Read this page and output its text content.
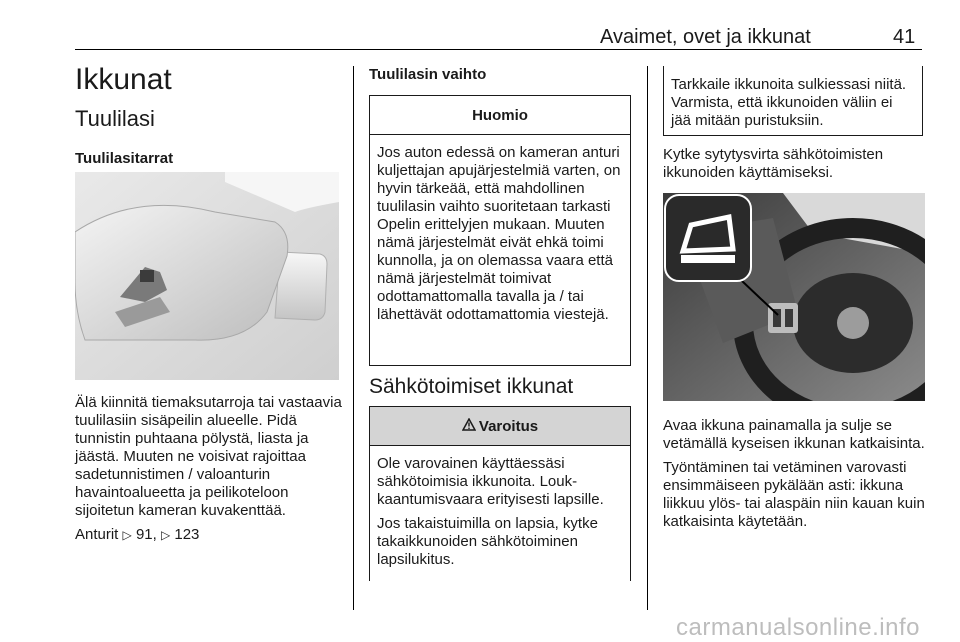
Avaimet, ovet ja ikkunat	41
Ikkunat
Tuulilasi
Tuulilasitarrat

Älä kiinnitä tiemaksutarroja tai vastaavia tuulilasiin sisäpeilin alueelle. Pidä tunnistin puhtaana pölystä, liasta ja jäästä. Muuten ne voisivat rajoittaa sadetunnistimen / valoanturin havaintoalueetta ja peilikoteloon sijoitetun kameran kuvakenttää.

Anturit ▷ 91, ▷ 123

Tuulilasin vaihto
Huomio
Jos auton edessä on kameran anturi kuljettajan apujärjestelmiä varten, on hyvin tärkeää, että mahdollinen tuulilasin vaihto suoritetaan tarkasti Opelin erittelyjen mukaan. Muuten nämä järjestelmät eivät ehkä toimi kunnolla, ja on olemassa vaara että nämä järjestelmät toimivat odottamattomalla tavalla ja / tai lähettävät odottamattomia viestejä.
Sähkötoimiset ikkunat
Varoitus

Ole varovainen käyttäessäsi sähkötoimisia ikkunoita. Loukkaantumisvaara erityisesti lapsille.

Jos takaistuimilla on lapsia, kytke takaikkunoiden sähkötoiminen lapsilukitus.

Tarkkaile ikkunoita sulkiessasi niitä. Varmista, että ikkunoiden väliin ei jää mitään puristuksiin.

Kytke sytytysvirta sähkötoimisten ikkunoiden käyttämiseksi.

Avaa ikkuna painamalla ja sulje se vetämällä kyseisen ikkunan katkaisinta.

Työntäminen tai vetäminen varovasti ensimmäiseen pykälään asti: ikkuna liikkuu ylös- tai alaspäin niin kauan kuin katkaisinta käytetään.

carmanualsonline.info
